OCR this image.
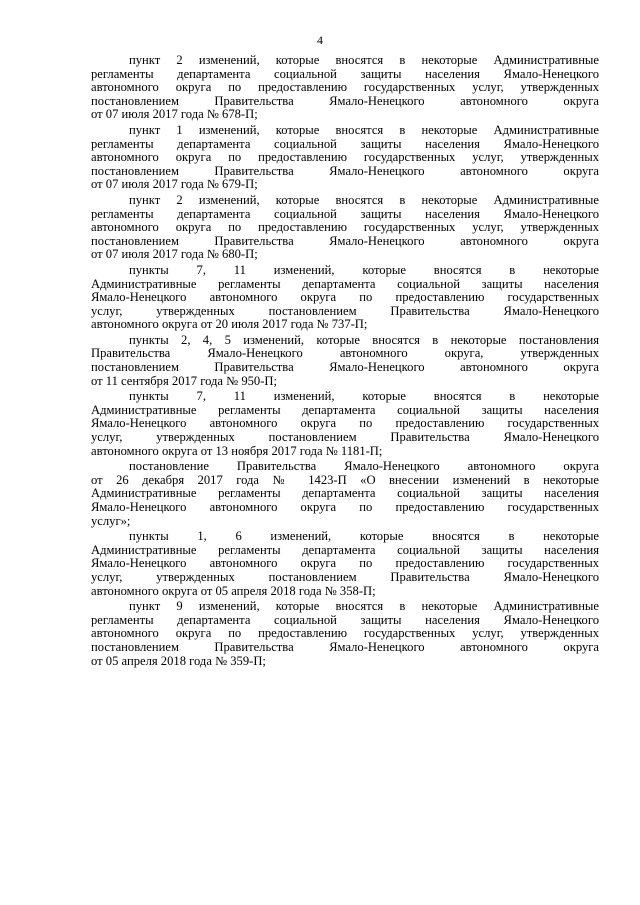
4
пункт 2 изменений, которые вносятся в некоторые Административные
регламенты департамента социальной защиты населения Ямало-Ненецкого
автономного округа по предоставлению государственных услуг, утвержденных
постановлением Правительства Ямало-Ненецкого автономного округа
от 07 июля 2017 года № 678-П;
пункт 1 изменений, которые вносятся в некоторые Административные
регламенты департамента социальной защиты населения Ямало-Ненецкого
автономного округа по предоставлению государственных услуг, утвержденных
постановлением Правительства Ямало-Ненецкого автономного округа
от 07 июля 2017 года № 679-П;
пункт 2 изменений, которые вносятся в некоторые Административные
регламенты департамента социальной защиты населения Ямало-Ненецкого
автономного округа по предоставлению государственных услуг, утвержденных
постановлением Правительства Ямало-Ненецкого автономного округа
от 07 июля 2017 года № 680-П;
пункты 7, 11 изменений, которые вносятся в некоторые
Административные регламенты департамента социальной защиты населения
Ямало-Ненецкого автономного округа по предоставлению государственных
услуг, утвержденных постановлением Правительства Ямало-Ненецкого
автономного округа от 20 июля 2017 года № 737-П;
пункты 2, 4, 5 изменений, которые вносятся в некоторые постановления
Правительства Ямало-Ненецкого автономного округа, утвержденных
постановлением Правительства Ямало-Ненецкого автономного округа
от 11 сентября 2017 года № 950-П;
пункты 7, 11 изменений, которые вносятся в некоторые
Административные регламенты департамента социальной защиты населения
Ямало-Ненецкого автономного округа по предоставлению государственных
услуг, утвержденных постановлением Правительства Ямало-Ненецкого
автономного округа от 13 ноября 2017 года № 1181-П;
постановление Правительства Ямало-Ненецкого автономного округа
от 26 декабря 2017 года № 1423-П «О внесении изменений в некоторые
Административные регламенты департамента социальной защиты населения
Ямало-Ненецкого автономного округа по предоставлению государственных
услуг»;
пункты 1, 6 изменений, которые вносятся в некоторые
Административные регламенты департамента социальной защиты населения
Ямало-Ненецкого автономного округа по предоставлению государственных
услуг, утвержденных постановлением Правительства Ямало-Ненецкого
автономного округа от 05 апреля 2018 года № 358-П;
пункт 9 изменений, которые вносятся в некоторые Административные
регламенты департамента социальной защиты населения Ямало-Ненецкого
автономного округа по предоставлению государственных услуг, утвержденных
постановлением Правительства Ямало-Ненецкого автономного округа
от 05 апреля 2018 года № 359-П;
